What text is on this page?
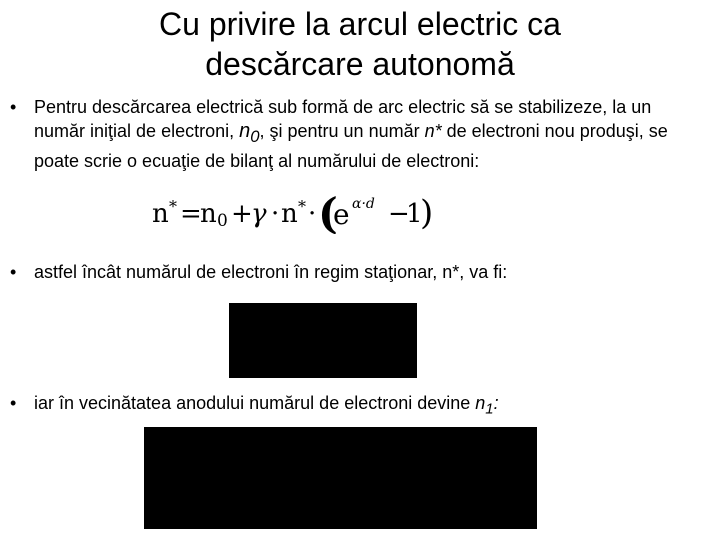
Cu privire la arcul electric ca
descărcare autonomă
• Pentru descărcarea electrică sub formă de arc electric să se stabilizeze, la un număr iniţial de electroni, $n_0$, şi pentru un număr n* de electroni nou produşi, se poate scrie o ecuaţie de bilanţ al numărului de electroni:
n * =
n 0 +
γ · n * · (
e α·d −
1
)
• astfel încât numărul de electroni în regim staţionar, n*, va fi:
• iar în vecinătatea anodului numărul de electroni devine $n_1$:
